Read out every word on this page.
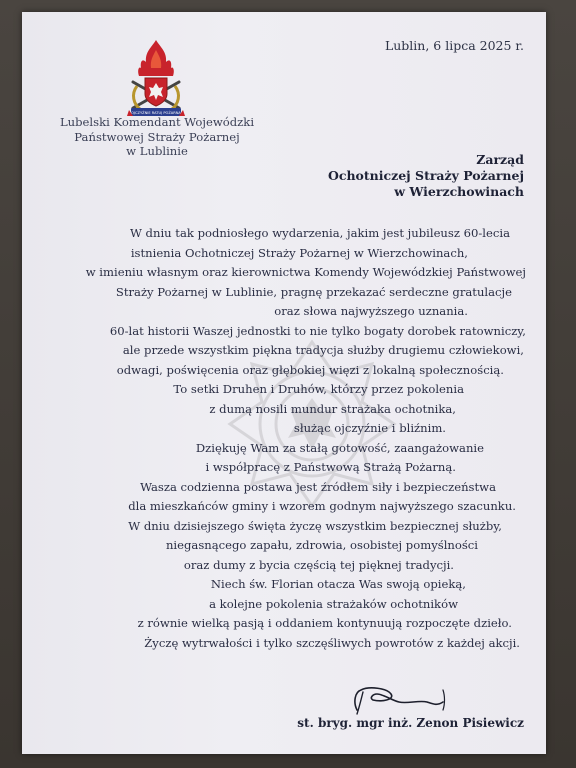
OJCZYŹNIE RATUJ POŻARNA
Lubelski Komendant Wojewódzki
Państwowej Straży Pożarnej
w Lublinie
Lublin, 6 lipca 2025 r.
Zarząd
Ochotniczej Straży Pożarnej
w Wierzchowinach
W dniu tak podniosłego wydarzenia, jakim jest jubileusz 60-lecia
istnienia Ochotniczej Straży Pożarnej w Wierzchowinach,
w imieniu własnym oraz kierownictwa Komendy Wojewódzkiej Państwowej
Straży Pożarnej w Lublinie, pragnę przekazać serdeczne gratulacje
oraz słowa najwyższego uznania.
60-lat historii Waszej jednostki to nie tylko bogaty dorobek ratowniczy,
ale przede wszystkim piękna tradycja służby drugiemu człowiekowi,
odwagi, poświęcenia oraz głębokiej więzi z lokalną społecznością.
To setki Druhen i Druhów, którzy przez pokolenia
z dumą nosili mundur strażaka ochotnika,
służąc ojczyźnie i bliźnim.
Dziękuję Wam za stałą gotowość, zaangażowanie
i współpracę z Państwową Strażą Pożarną.
Wasza codzienna postawa jest źródłem siły i bezpieczeństwa
dla mieszkańców gminy i wzorem godnym najwyższego szacunku.
W dniu dzisiejszego święta życzę wszystkim bezpiecznej służby,
niegasnącego zapału, zdrowia, osobistej pomyślności
oraz dumy z bycia częścią tej pięknej tradycji.
Niech św. Florian otacza Was swoją opieką,
a kolejne pokolenia strażaków ochotników
z równie wielką pasją i oddaniem kontynuują rozpoczęte dzieło.
Życzę wytrwałości i tylko szczęśliwych powrotów z każdej akcji.
st. bryg. mgr inż. Zenon Pisiewicz
